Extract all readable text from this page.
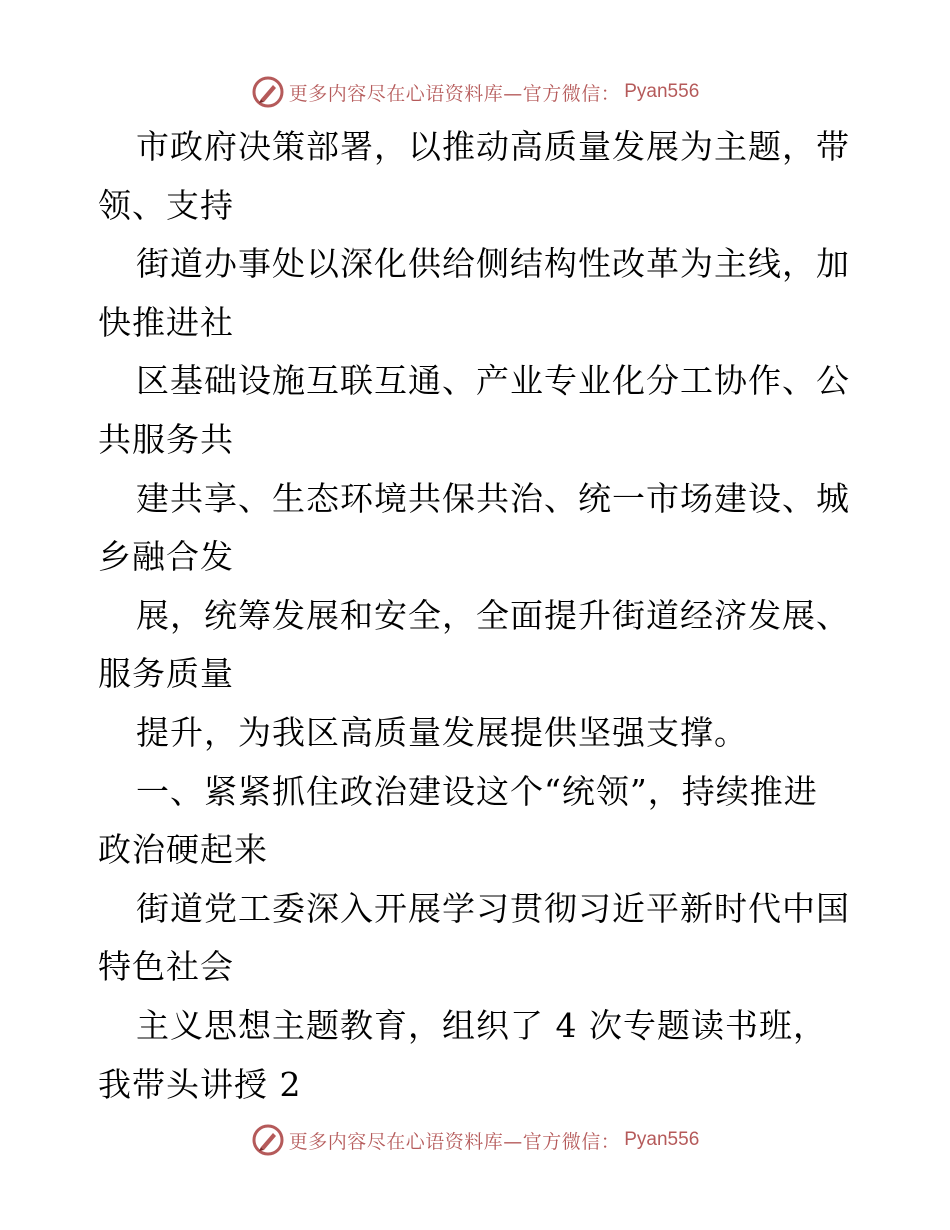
更多内容尽在心语资料库—官方微信： Pyan556
市政府决策部署，以推动高质量发展为主题，带
领、支持
街道办事处以深化供给侧结构性改革为主线，加
快推进社
区基础设施互联互通、产业专业化分工协作、公
共服务共
建共享、生态环境共保共治、统一市场建设、城
乡融合发
展，统筹发展和安全，全面提升街道经济发展、
服务质量
提升，为我区高质量发展提供坚强支撑。
一、紧紧抓住政治建设这个“统领”，持续推进
政治硬起来
街道党工委深入开展学习贯彻习近平新时代中国
特色社会
主义思想主题教育，组织了 4 次专题读书班，
我带头讲授 2
更多内容尽在心语资料库—官方微信： Pyan556
